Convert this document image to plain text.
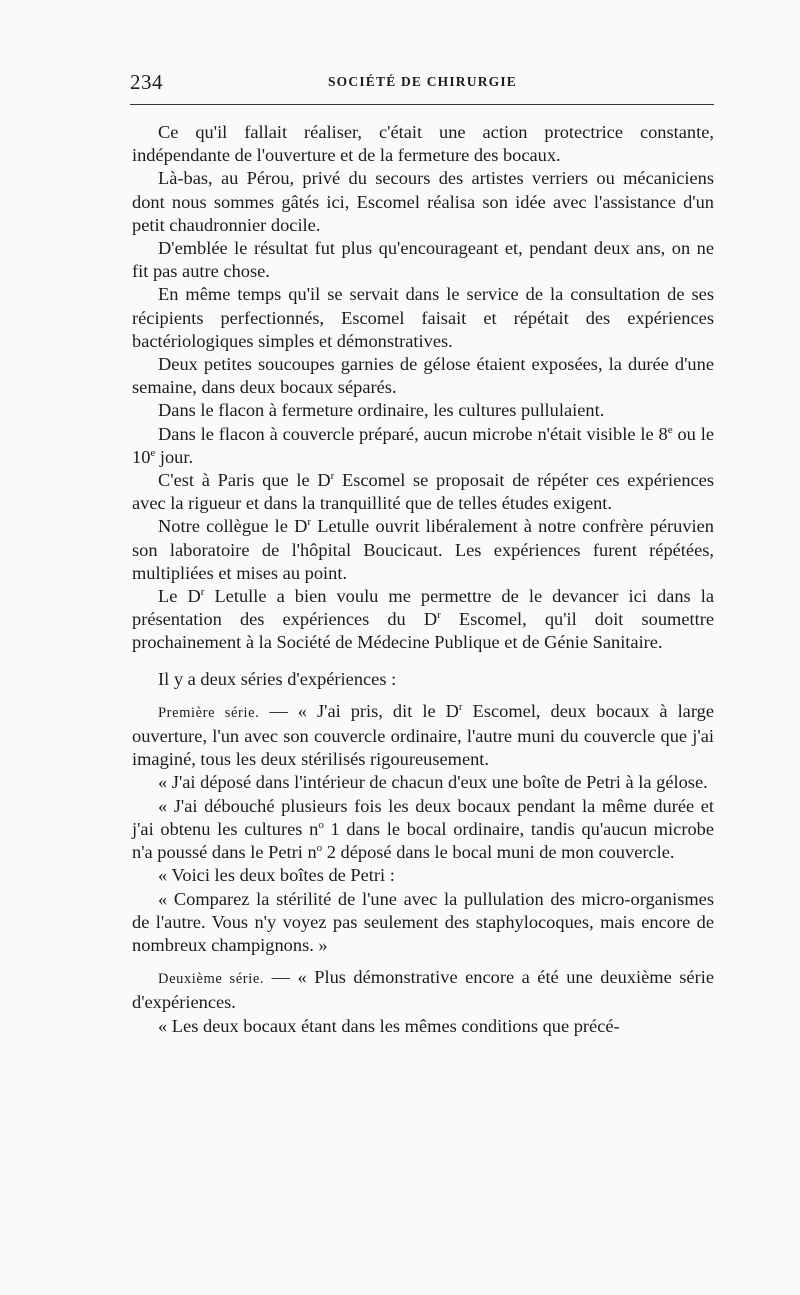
234	SOCIÉTÉ DE CHIRURGIE

Ce qu'il fallait réaliser, c'était une action protectrice constante, indépendante de l'ouverture et de la fermeture des bocaux.

Là-bas, au Pérou, privé du secours des artistes verriers ou mécaniciens dont nous sommes gâtés ici, Escomel réalisa son idée avec l'assistance d'un petit chaudronnier docile.

D'emblée le résultat fut plus qu'encourageant et, pendant deux ans, on ne fit pas autre chose.

En même temps qu'il se servait dans le service de la consultation de ses récipients perfectionnés, Escomel faisait et répétait des expériences bactériologiques simples et démonstratives.

Deux petites soucoupes garnies de gélose étaient exposées, la durée d'une semaine, dans deux bocaux séparés.

Dans le flacon à fermeture ordinaire, les cultures pullulaient.

Dans le flacon à couvercle préparé, aucun microbe n'était visible le 8e ou le 10e jour.

C'est à Paris que le $D^r$ Escomel se proposait de répéter ces expériences avec la rigueur et dans la tranquillité que de telles études exigent.

Notre collègue le $D^r$ Letulle ouvrit libéralement à notre confrère péruvien son laboratoire de l'hôpital Boucicaut. Les expériences furent répétées, multipliées et mises au point.

Le $D^r$ Letulle a bien voulu me permettre de le devancer ici dans la présentation des expériences du $D^r$ Escomel, qu'il doit soumettre prochainement à la Société de Médecine Publique et de Génie Sanitaire.

Il y a deux séries d'expériences :

Première série. — « J'ai pris, dit le $D^r$ Escomel, deux bocaux à large ouverture, l'un avec son couvercle ordinaire, l'autre muni du couvercle que j'ai imaginé, tous les deux stérilisés rigoureusement.

« J'ai déposé dans l'intérieur de chacun d'eux une boîte de Petri à la gélose.

« J'ai débouché plusieurs fois les deux bocaux pendant la même durée et j'ai obtenu les cultures $n^o$ 1 dans le bocal ordinaire, tandis qu'aucun microbe n'a poussé dans le Petri $n^o$ 2 déposé dans le bocal muni de mon couvercle.

« Voici les deux boîtes de Petri :

« Comparez la stérilité de l'une avec la pullulation des micro-organismes de l'autre. Vous n'y voyez pas seulement des staphylocoques, mais encore de nombreux champignons. »

Deuxième série. — « Plus démonstrative encore a été une deuxième série d'expériences.

« Les deux bocaux étant dans les mêmes conditions que précé-
